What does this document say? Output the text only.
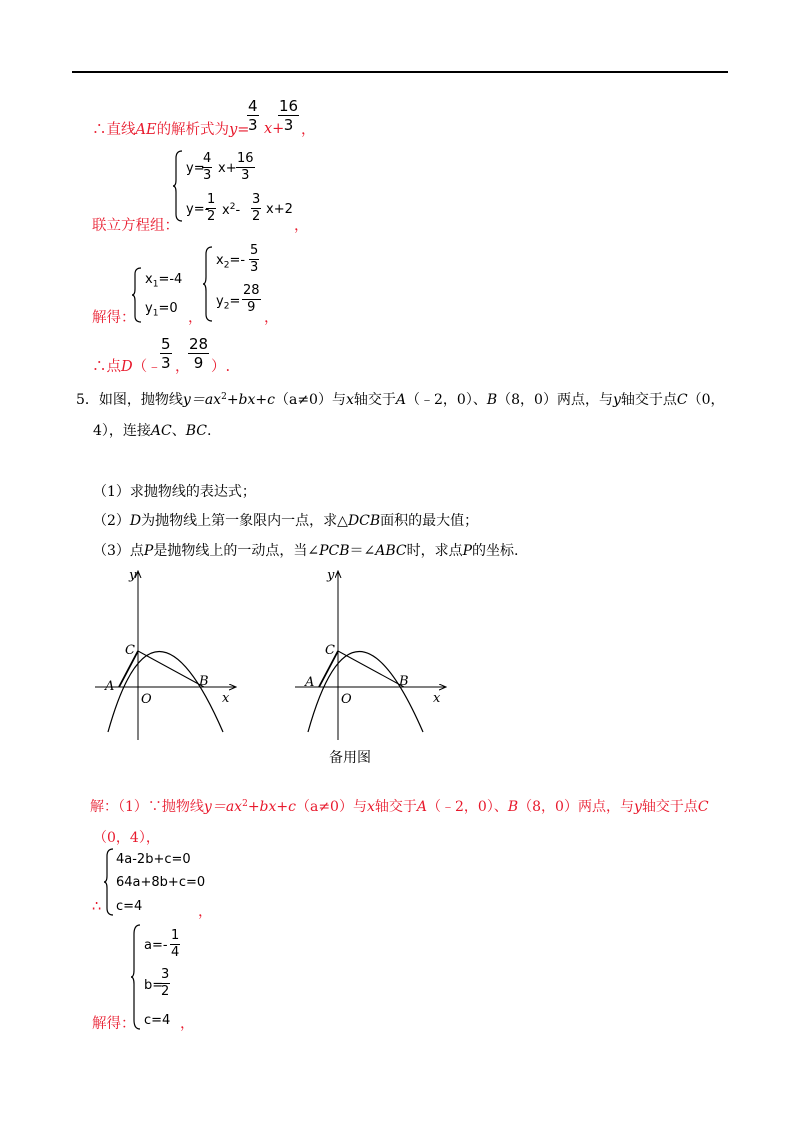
∴直线AE的解析式为y=
$\frac{4}{3} x+$
$\frac{16}{3}$ ，
y=
$\frac{4}{3} x+ \frac{16}{3}$
y=-
$\frac{1}{2} x^2- \frac{3}{2} x+2$
联立方程组：	，
$x_1=-4$
$y_1=0$
，
$x_2=- \frac{5}{3}$
$y_2= \frac{28}{9}$
解得：	，
∴点D（﹣
$\frac{5}{3}$ ，
$\frac{28}{9}$ ）.
5．如图，抛物线$y=ax^2+bx+c(a\ne 0)$与x轴交于A（﹣2，0）、B（8，0）两点，与y轴交于点C（0，
4），连接AC、BC.
（1）求抛物线的表达式；
（2）D为抛物线上第一象限内一点，求△DCB面积的最大值；
（3）点P是抛物线上的一动点，当∠PCB＝∠ABC时，求点P的坐标.
y
x
O
A	B
C
y
x
O
A	B
C
备用图
解：（1）∵抛物线$y=ax^2+bx+c(a\ne 0)$与x轴交于A（﹣2，0）、B（8，0）两点，与y轴交于点C
（0，4），
4a-2b+c=0
64a+8b+c=0
c=4
∴	，
$a=- \frac{1}{4}$
b=
$\frac{3}{2}$
c=4
解得：	，
